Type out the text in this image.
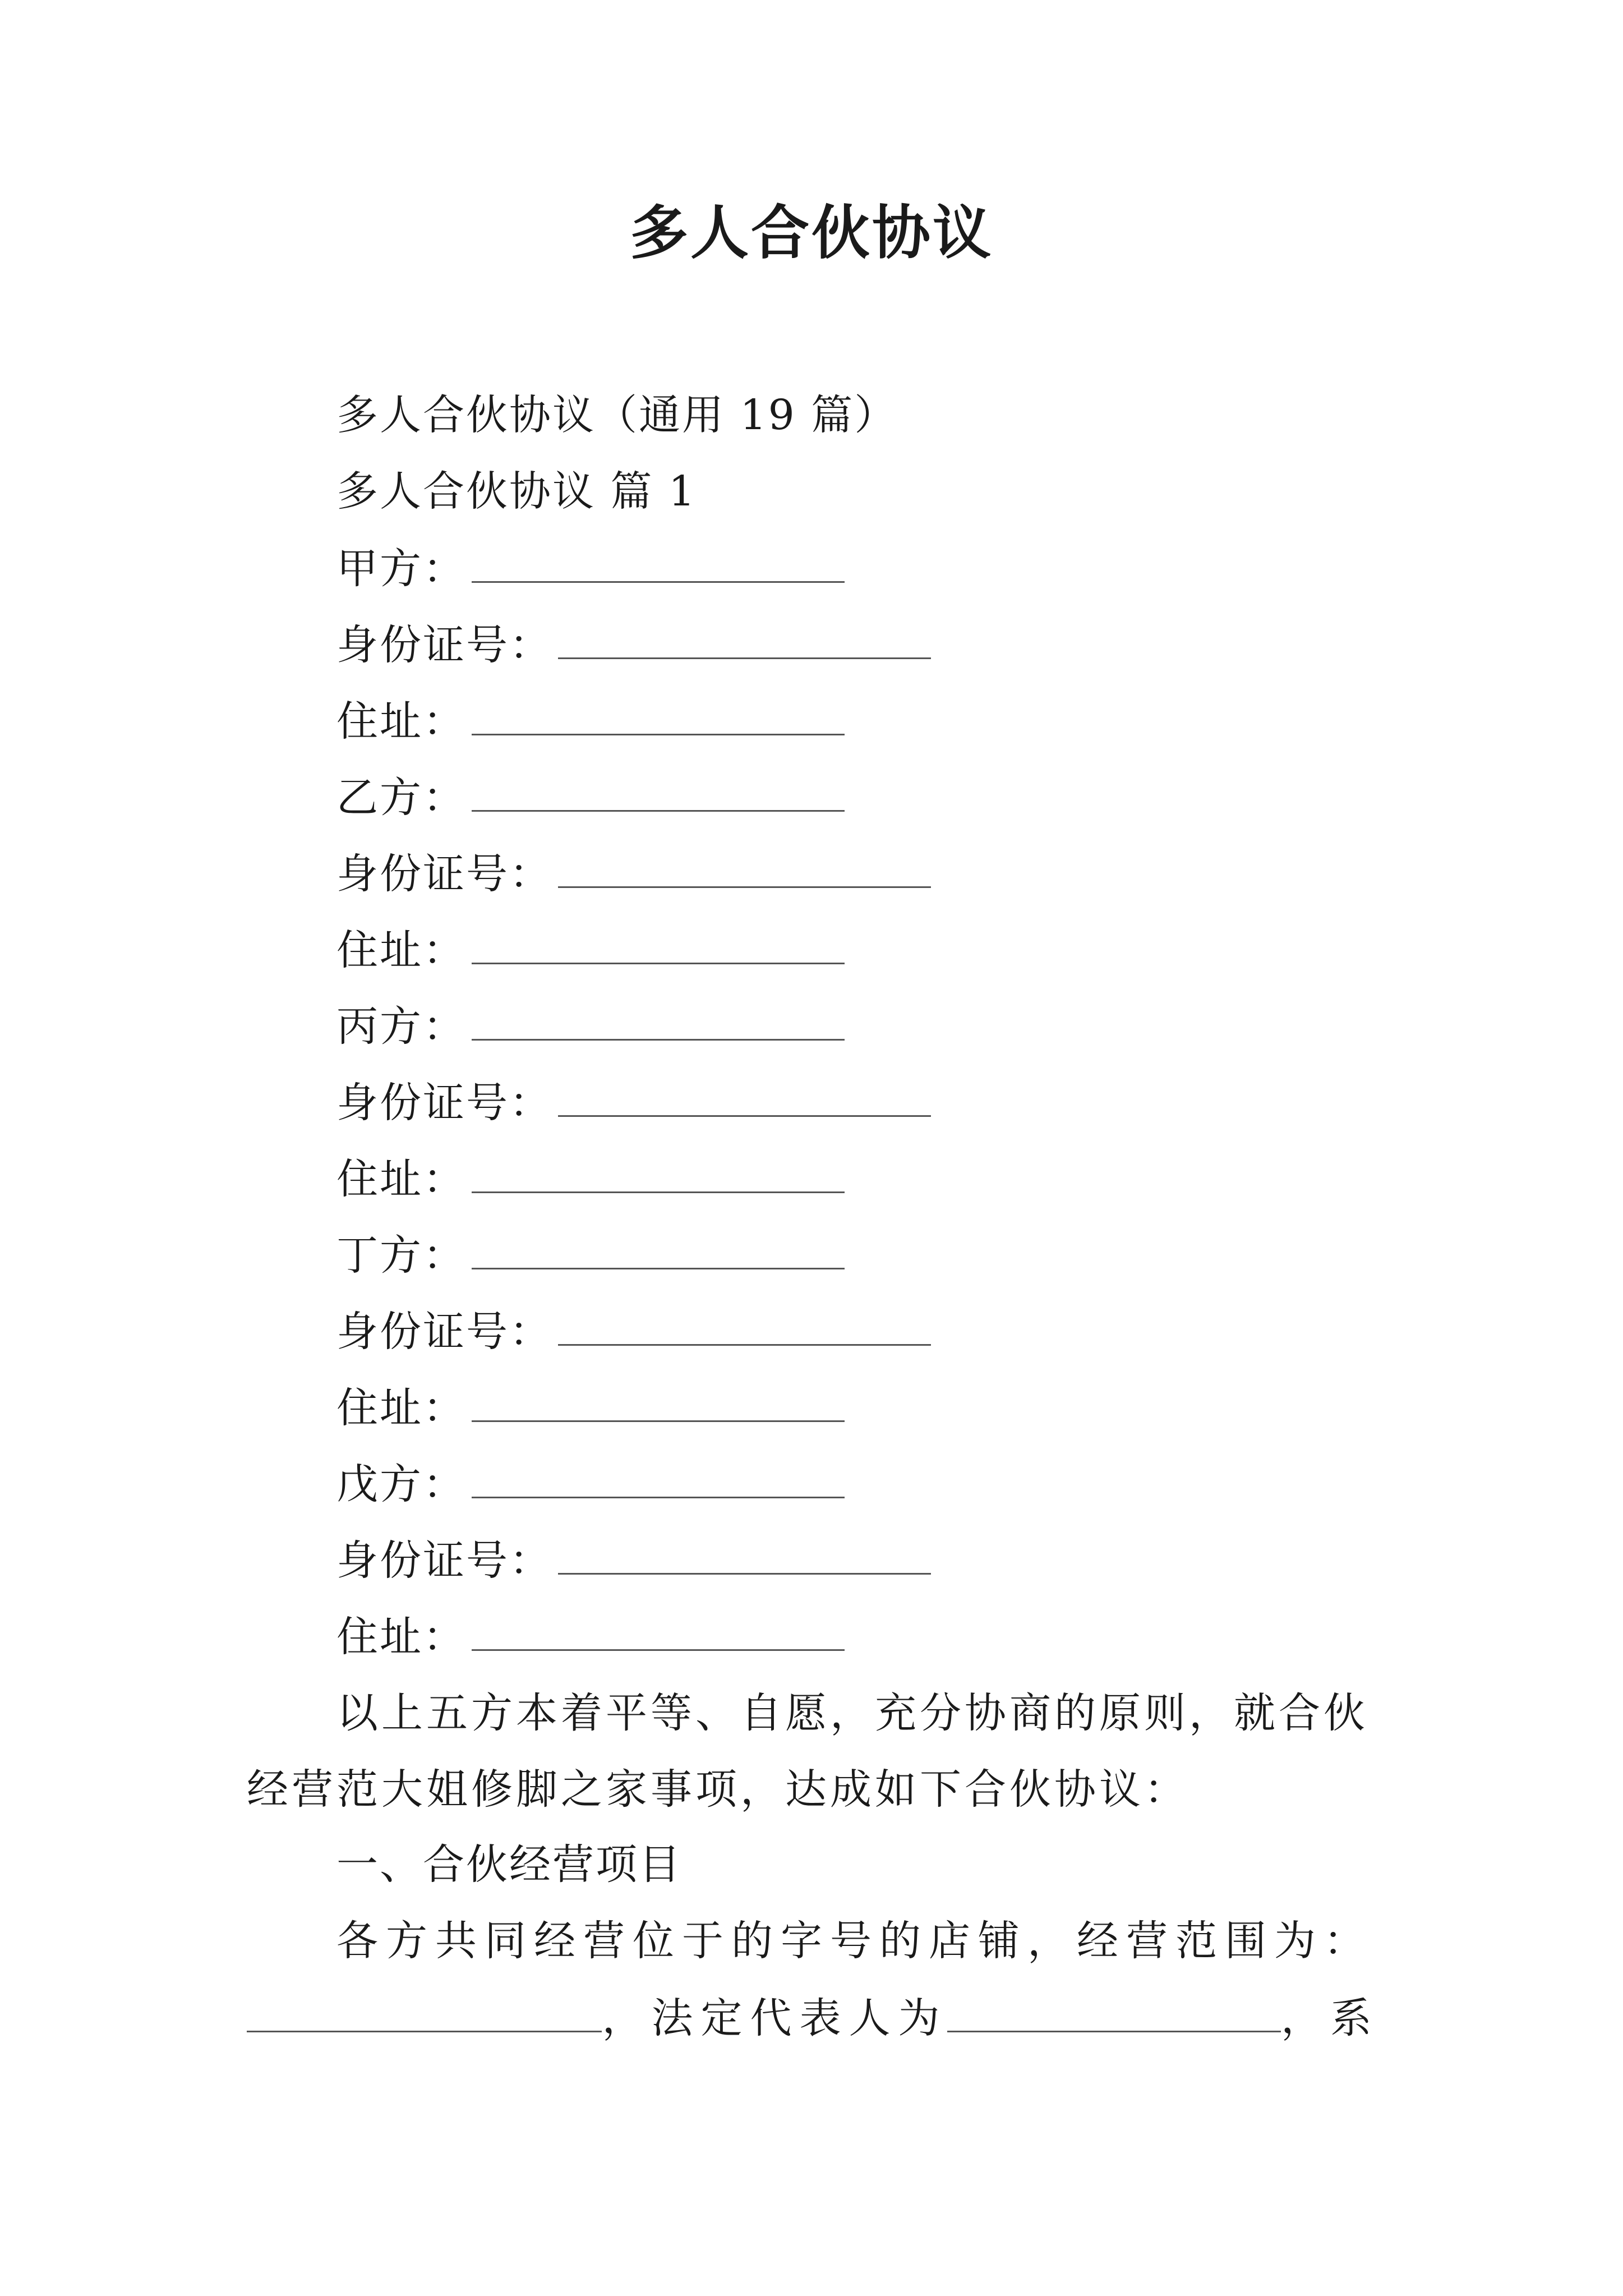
多人合伙协议
多人合伙协议（通用 19 篇）
多人合伙协议 篇 1
甲方：
身份证号：
住址：
乙方：
身份证号：
住址：
丙方：
身份证号：
住址：
丁方：
身份证号：
住址：
戊方：
身份证号：
住址：
以上五方本着平等、自愿，充分协商的原则，就合伙经营范大姐修脚之家事项，达成如下合伙协议：
一、合伙经营项目
各方共同经营位于的字号的店铺，经营范围为：
，法定代表人为	，系
